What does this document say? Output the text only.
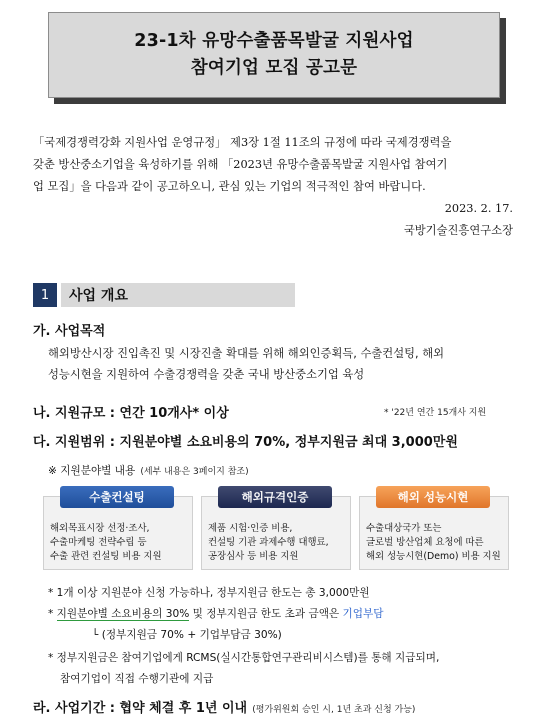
23-1차 유망수출품목발굴 지원사업
참여기업 모집 공고문

「국제경쟁력강화 지원사업 운영규정」 제3장 1절 11조의 규정에 따라 국제경쟁력을

갖춘 방산중소기업을 육성하기를 위해 「2023년 유망수출품목발굴 지원사업 참여기

업 모집」을 다음과 같이 공고하오니, 관심 있는 기업의 적극적인 참여 바랍니다.

2023. 2. 17.

국방기술진흥연구소장

1	사업 개요
가. 사업목적
해외방산시장 진입촉진 및 시장진출 확대를 위해 해외인증획득, 수출컨설팅, 해외
성능시현을 지원하여 수출경쟁력을 갖춘 국내 방산중소기업 육성
나. 지원규모 : 연간 10개사* 이상	* '22년 연간 15개사 지원
다. 지원범위 : 지원분야별 소요비용의 70%, 정부지원금 최대 3,000만원
※ 지원분야별 내용 (세부 내용은 3페이지 참조)
수출컨설팅
해외목표시장 선정·조사,
수출마케팅 전략수립 등
수출 관련 컨설팅 비용 지원
해외규격인증
제품 시험·인증 비용,
컨설팅 기관 과제수행 대행료,
공장심사 등 비용 지원
해외 성능시현
수출대상국가 또는
글로벌 방산업체 요청에 따른
해외 성능시현(Demo) 비용 지원
* 1개 이상 지원분야 신청 가능하나, 정부지원금 한도는 총 3,000만원
* 지원분야별 소요비용의 30% 및 정부지원금 한도 초과 금액은 기업부담
└ (정부지원금 70% + 기업부담금 30%)
* 정부지원금은 참여기업에게 RCMS(실시간통합연구관리비시스템)를 통해 지급되며,
참여기업이 직접 수행기관에 지급
라. 사업기간 : 협약 체결 후 1년 이내 (평가위원회 승인 시, 1년 초과 신청 가능)
